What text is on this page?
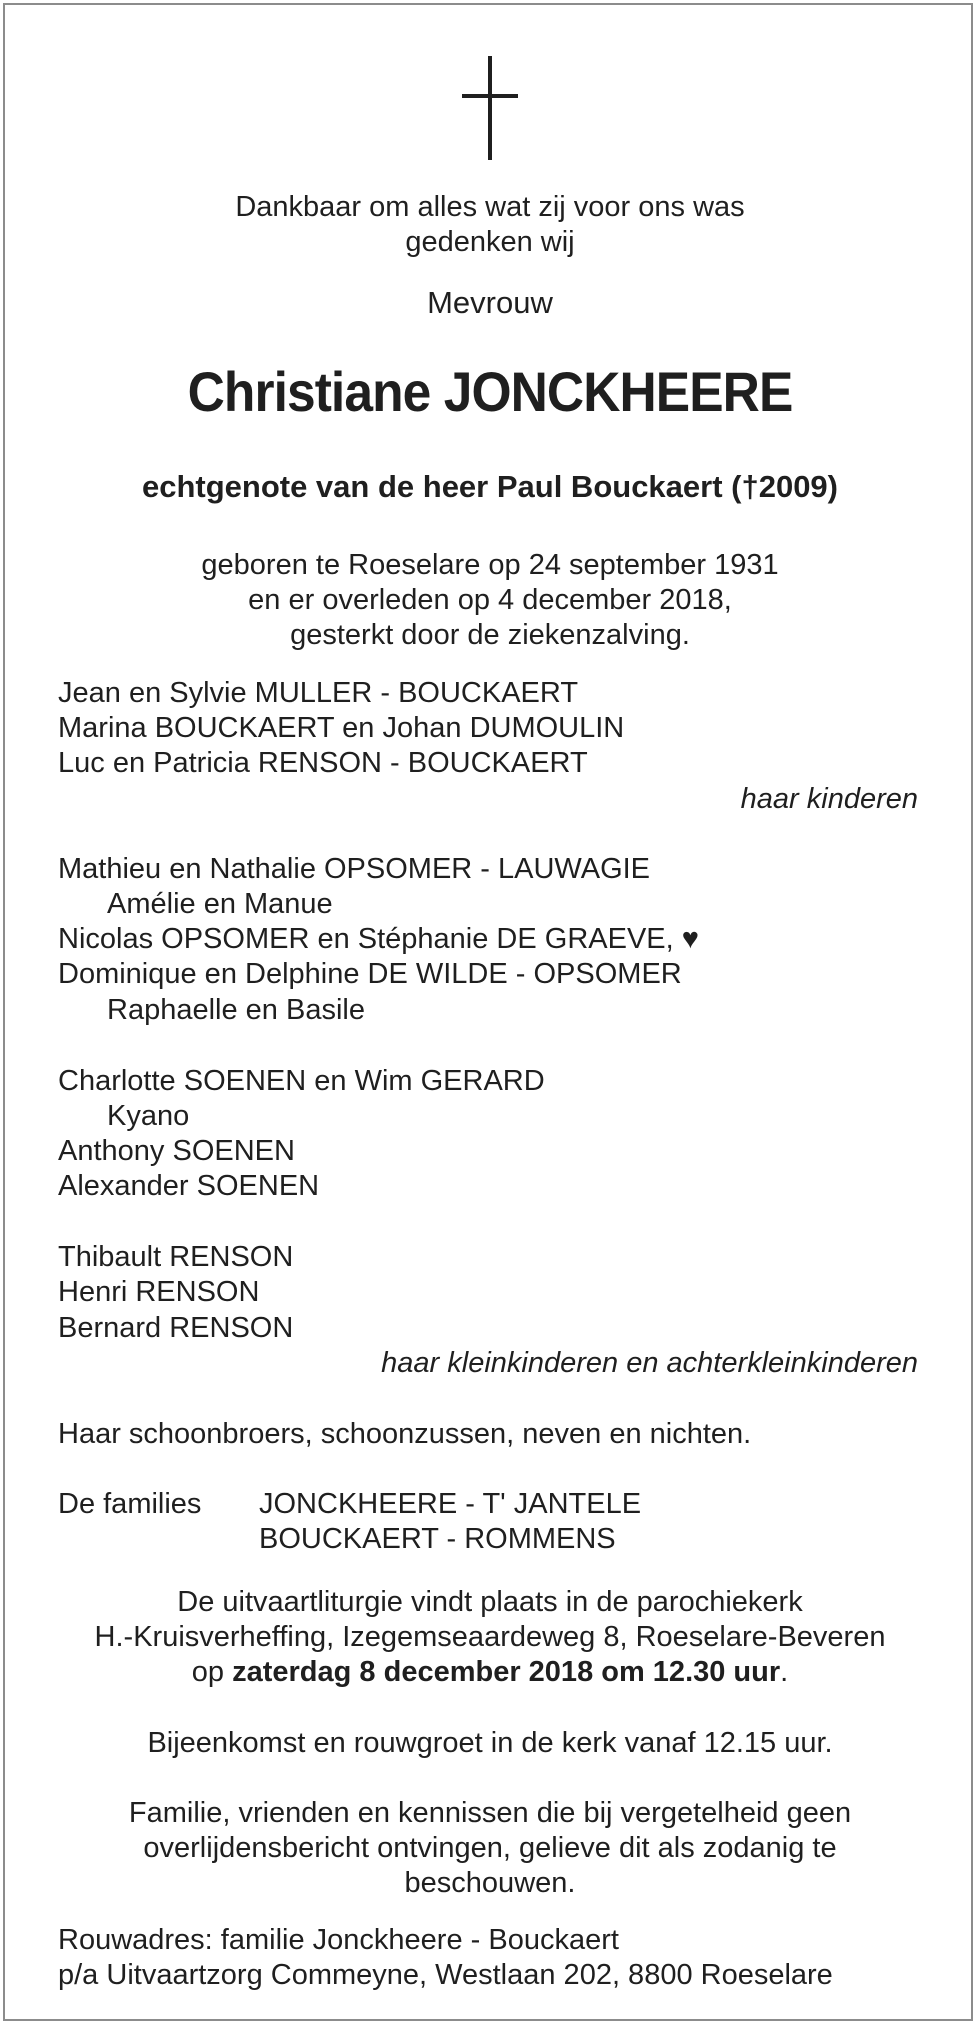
Dankbaar om alles wat zij voor ons was
gedenken wij
Mevrouw
Christiane JONCKHEERE
echtgenote van de heer Paul Bouckaert (†2009)
geboren te Roeselare op 24 september 1931
en er overleden op 4 december 2018,
gesterkt door de ziekenzalving.
Jean en Sylvie MULLER - BOUCKAERT
Marina BOUCKAERT en Johan DUMOULIN
Luc en Patricia RENSON - BOUCKAERT
haar kinderen
Mathieu en Nathalie OPSOMER - LAUWAGIE
Amélie en Manue
Nicolas OPSOMER en Stéphanie DE GRAEVE, ♥
Dominique en Delphine DE WILDE - OPSOMER
Raphaelle en Basile
Charlotte SOENEN en Wim GERARD
Kyano
Anthony SOENEN
Alexander SOENEN
Thibault RENSON
Henri RENSON
Bernard RENSON
haar kleinkinderen en achterkleinkinderen
Haar schoonbroers, schoonzussen, neven en nichten.
De families JONCKHEERE - T' JANTELE
BOUCKAERT - ROMMENS
De uitvaartliturgie vindt plaats in de parochiekerk
H.-Kruisverheffing, Izegemseaardeweg 8, Roeselare-Beveren
op zaterdag 8 december 2018 om 12.30 uur.
Bijeenkomst en rouwgroet in de kerk vanaf 12.15 uur.
Familie, vrienden en kennissen die bij vergetelheid geen
overlijdensbericht ontvingen, gelieve dit als zodanig te
beschouwen.
Rouwadres: familie Jonckheere - Bouckaert
p/a Uitvaartzorg Commeyne, Westlaan 202, 8800 Roeselare
